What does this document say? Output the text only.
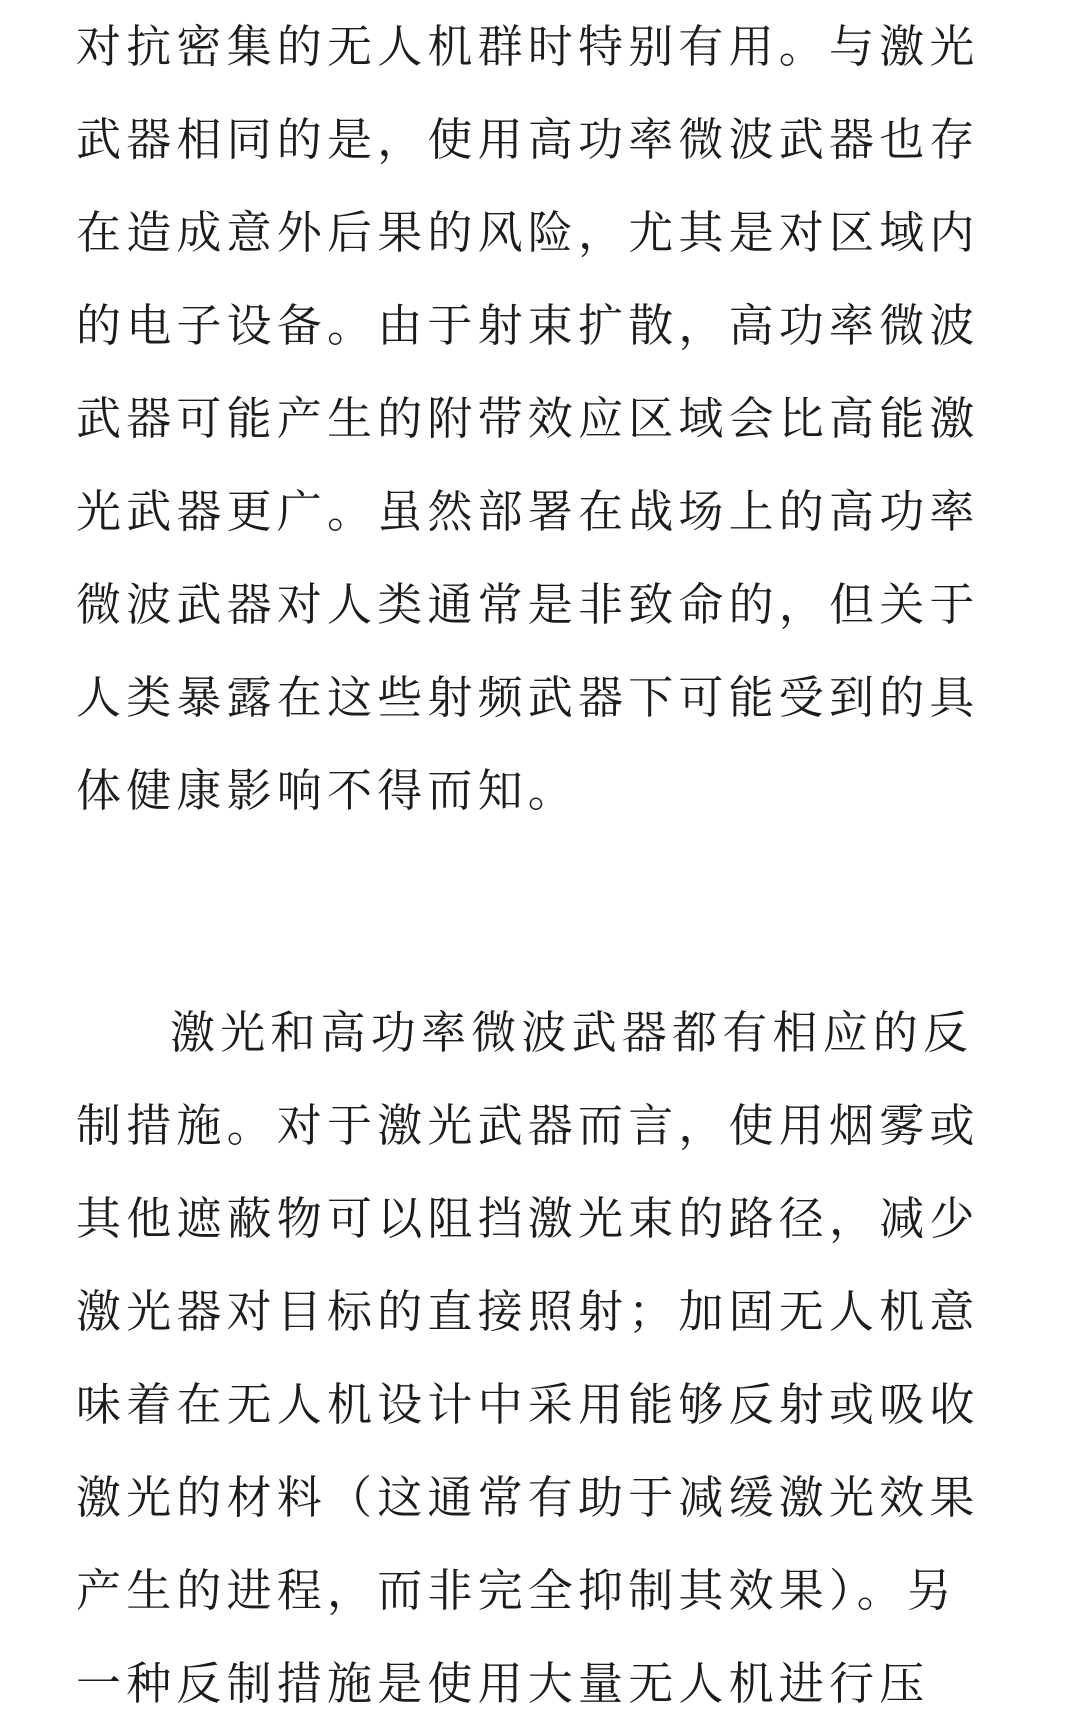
对抗密集的无人机群时特别有用。与激光
武器相同的是，使用高功率微波武器也存
在造成意外后果的风险，尤其是对区域内
的电子设备。由于射束扩散，高功率微波
武器可能产生的附带效应区域会比高能激
光武器更广。虽然部署在战场上的高功率
微波武器对人类通常是非致命的，但关于
人类暴露在这些射频武器下可能受到的具
体健康影响不得而知。
激光和高功率微波武器都有相应的反
制措施。对于激光武器而言，使用烟雾或
其他遮蔽物可以阻挡激光束的路径，减少
激光器对目标的直接照射；加固无人机意
味着在无人机设计中采用能够反射或吸收
激光的材料（这通常有助于减缓激光效果
产生的进程，而非完全抑制其效果）。另
一种反制措施是使用大量无人机进行压
